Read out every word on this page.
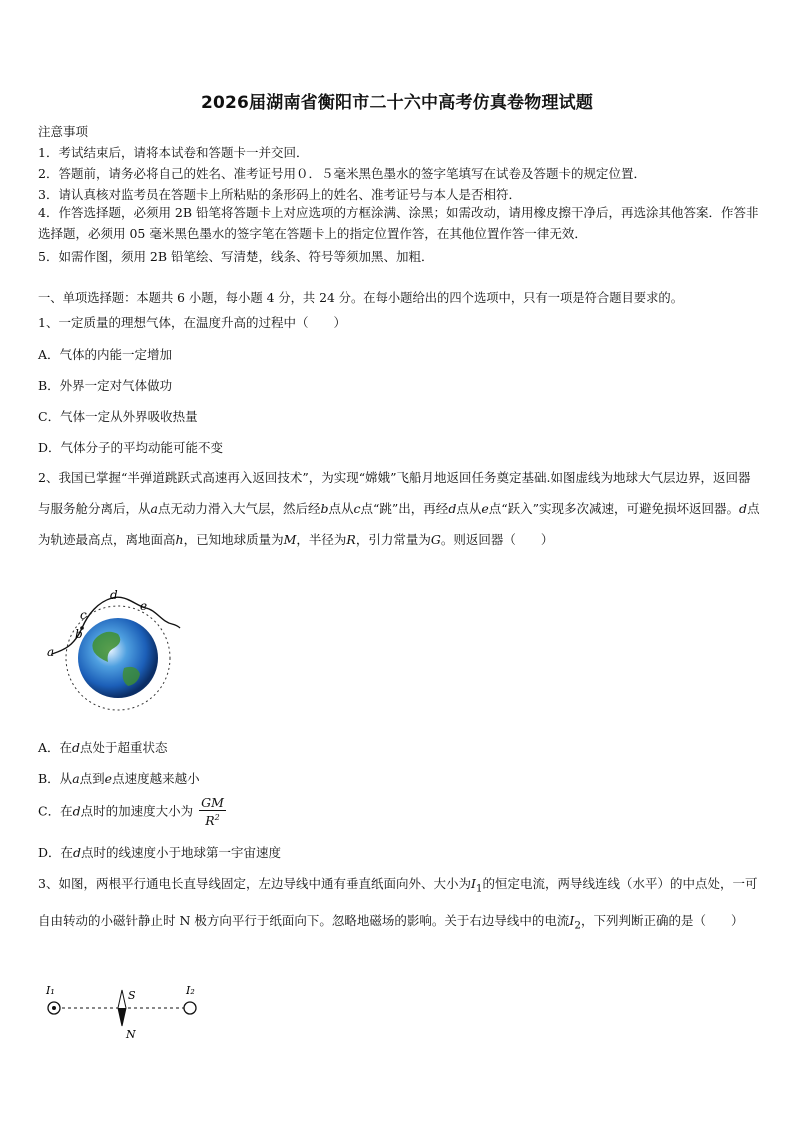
2026届湖南省衡阳市二十六中高考仿真卷物理试题
注意事项
1．考试结束后，请将本试卷和答题卡一并交回．
2．答题前，请务必将自己的姓名、准考证号用０．５毫米黑色墨水的签字笔填写在试卷及答题卡的规定位置．
3．请认真核对监考员在答题卡上所粘贴的条形码上的姓名、准考证号与本人是否相符．
4．作答选择题，必须用 2B 铅笔将答题卡上对应选项的方框涂满、涂黑；如需改动，请用橡皮擦干净后，再选涂其他答案．作答非选择题，必须用 05 毫米黑色墨水的签字笔在答题卡上的指定位置作答，在其他位置作答一律无效．
5．如需作图，须用 2B 铅笔绘、写清楚，线条、符号等须加黑、加粗．
一、单项选择题：本题共 6 小题，每小题 4 分，共 24 分。在每小题给出的四个选项中，只有一项是符合题目要求的。
1、一定质量的理想气体，在温度升高的过程中（　　）
A．气体的内能一定增加
B．外界一定对气体做功
C．气体一定从外界吸收热量
D．气体分子的平均动能可能不变
2、我国已掌握“半弹道跳跃式高速再入返回技术”，为实现“嫦娥”飞船月地返回任务奠定基础.如图虚线为地球大气层边界，返回器与服务舱分离后，从a点无动力滑入大气层，然后经b点从c点“跳”出，再经d点从e点“跃入”实现多次减速，可避免损坏返回器。d点为轨迹最高点，离地面高h，已知地球质量为M，半径为R，引力常量为G。则返回器（　　）
a
b
c
d
e
A．在d点处于超重状态
B．从a点到e点速度越来越小
C．在d点时的加速度大小为 $\frac{GM}{R^2}$
D．在d点时的线速度小于地球第一宇宙速度
3、如图，两根平行通电长直导线固定，左边导线中通有垂直纸面向外、大小为$I_1$的恒定电流，两导线连线（水平）的中点处，一可自由转动的小磁针静止时 N 极方向平行于纸面向下。忽略地磁场的影响。关于右边导线中的电流$I_2$，下列判断正确的是（　　）
I₁	I₂
S
N
